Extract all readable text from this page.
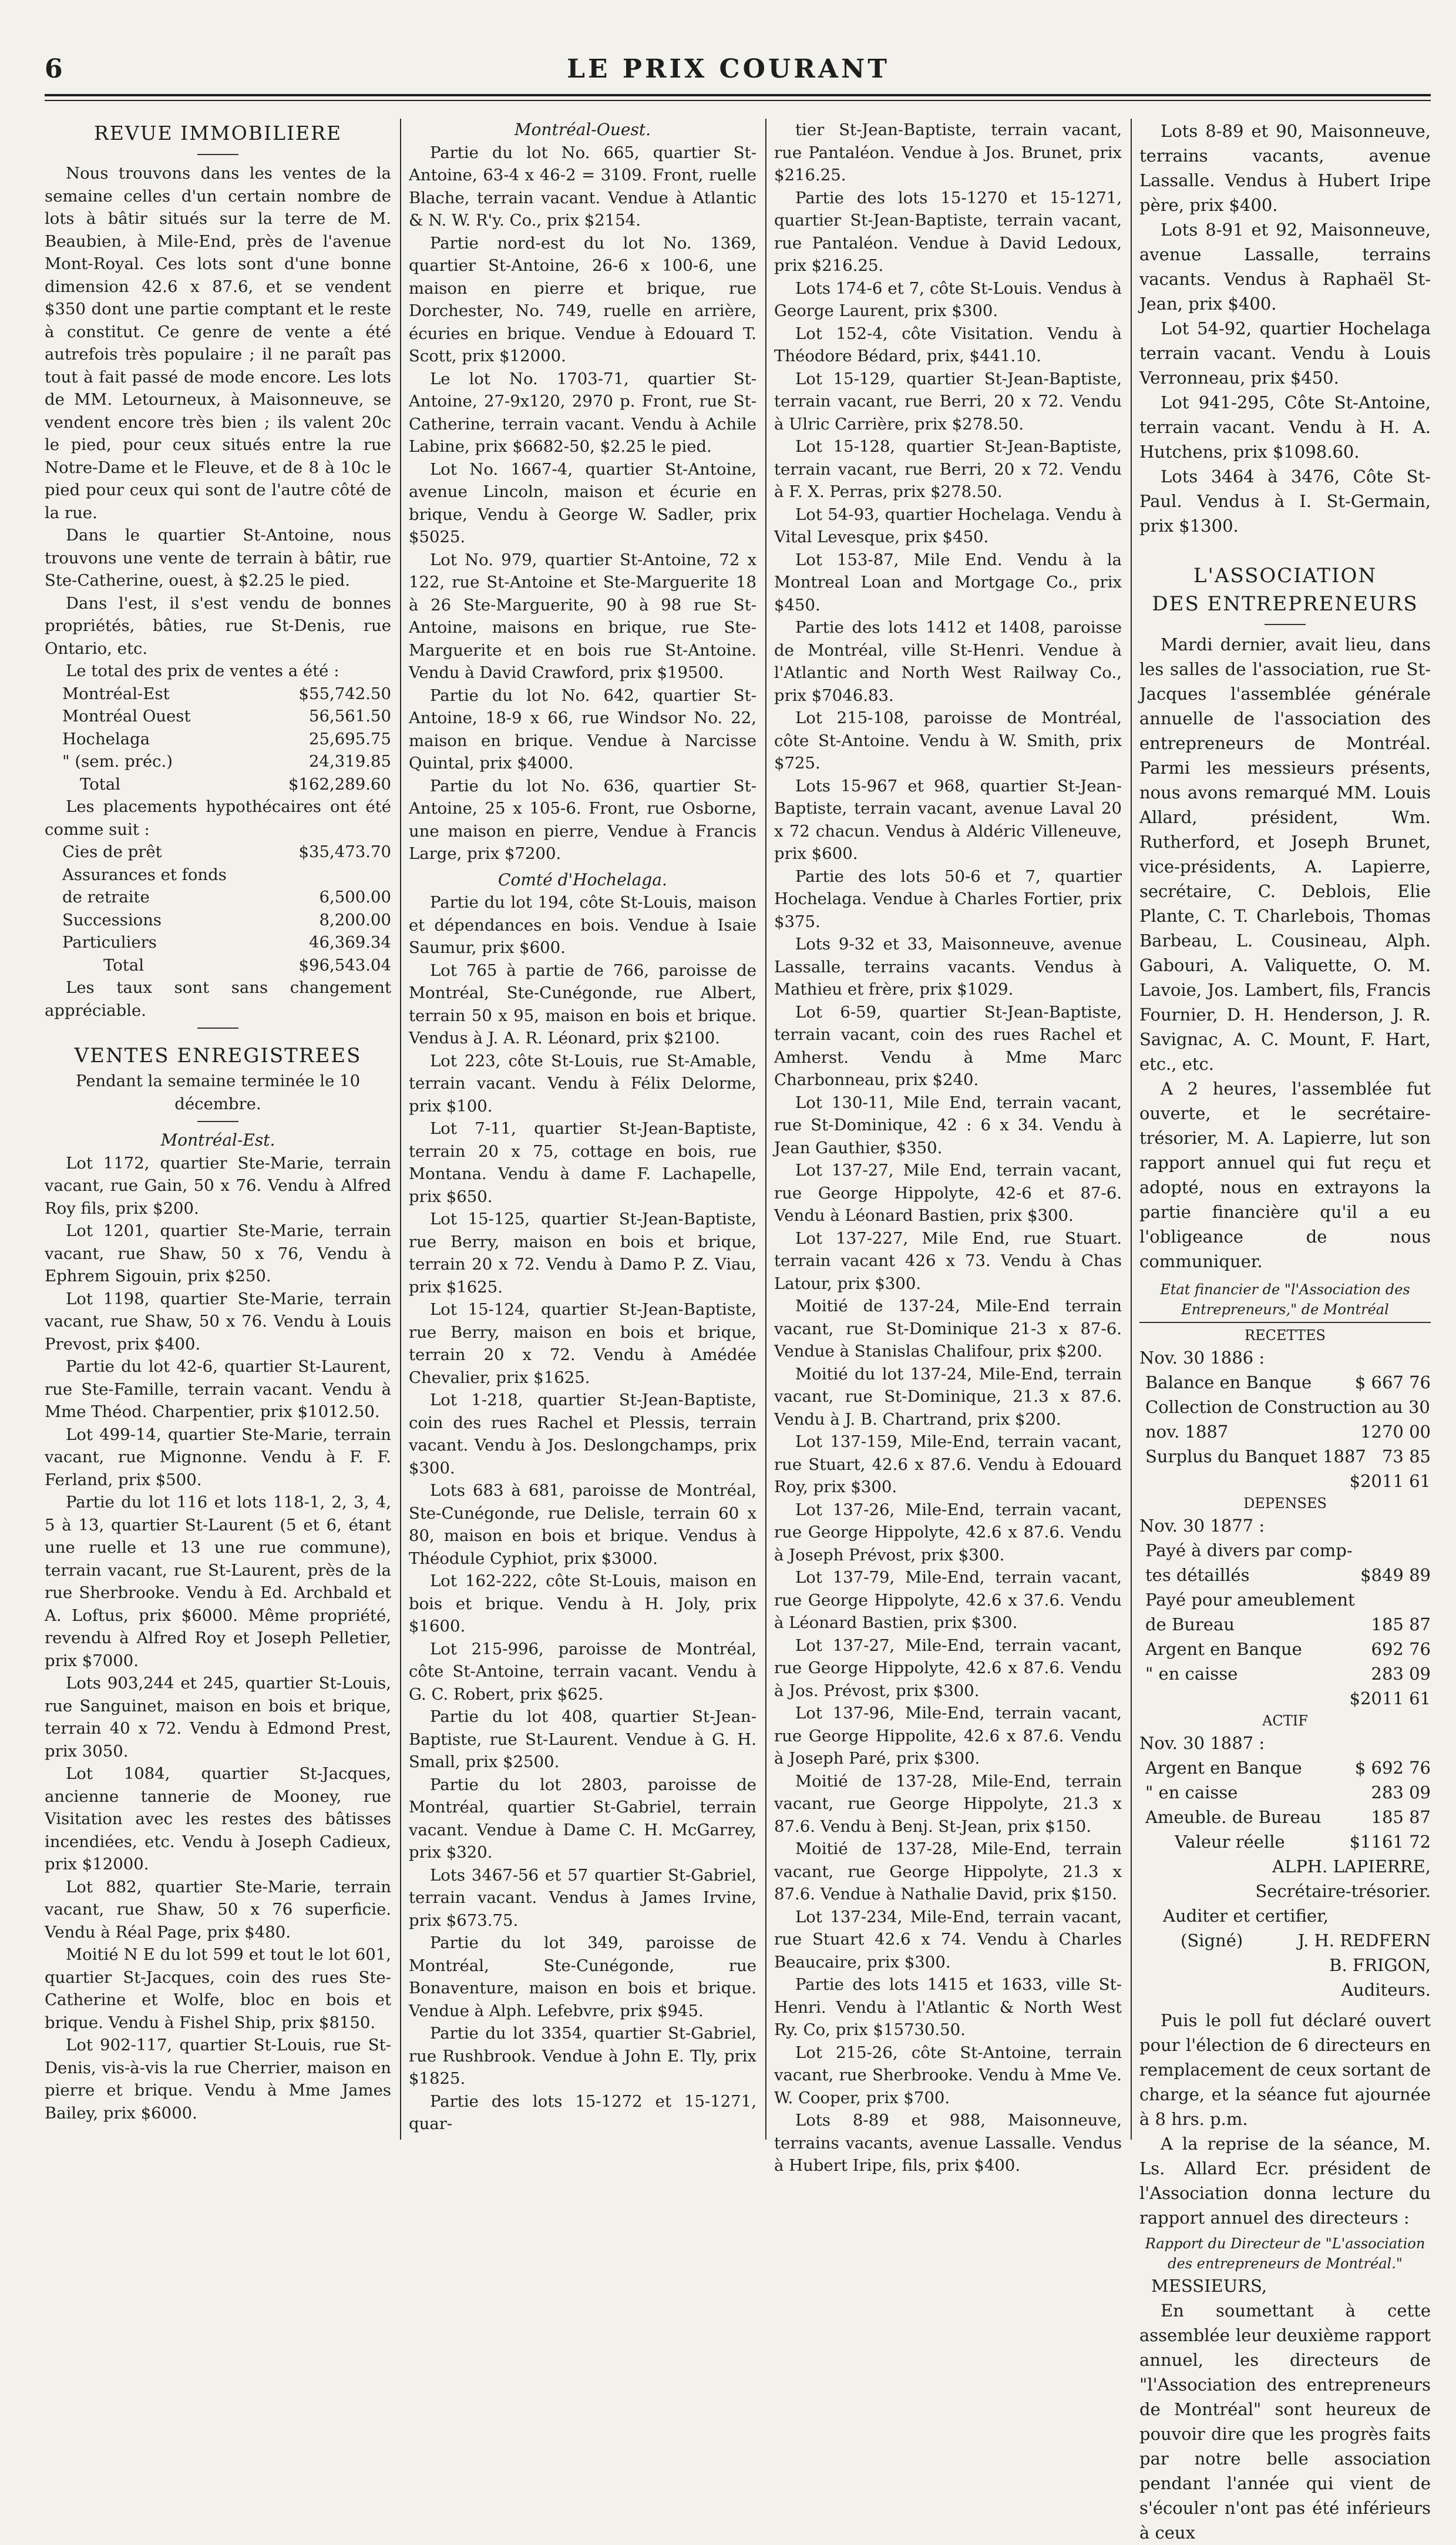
6	LE PRIX COURANT
REVUE IMMOBILIERE
Nous trouvons dans les ventes de la semaine celles d'un certain nombre de lots à bâtir situés sur la terre de M. Beaubien, à Mile-End, près de l'avenue Mont-Royal. Ces lots sont d'une bonne dimension 42.6 x 87.6, et se vendent $350 dont une partie comptant et le reste à constitut. Ce genre de vente a été autrefois très populaire ; il ne paraît pas tout à fait passé de mode encore. Les lots de MM. Letourneux, à Maisonneuve, se vendent encore très bien ; ils valent 20c le pied, pour ceux situés entre la rue Notre-Dame et le Fleuve, et de 8 à 10c le pied pour ceux qui sont de l'autre côté de la rue.
Dans le quartier St-Antoine, nous trouvons une vente de terrain à bâtir, rue Ste-Catherine, ouest, à $2.25 le pied.
Dans l'est, il s'est vendu de bonnes propriétés, bâties, rue St-Denis, rue Ontario, etc.
Le total des prix de ventes a été :
Montréal-Est	$55,742.50
Montréal Ouest	56,561.50
Hochelaga	25,695.75
" (sem. préc.)	24,319.85
Total	$162,289.60
Les placements hypothécaires ont été comme suit :
Cies de prêt	$35,473.70
Assurances et fonds
de retraite	6,500.00
Successions	8,200.00
Particuliers	46,369.34
Total	$96,543.04
Les taux sont sans changement appréciable.
VENTES ENREGISTREES
Pendant la semaine terminée le 10 décembre.
Montréal-Est.
Lot 1172, quartier Ste-Marie, terrain vacant, rue Gain, 50 x 76. Vendu à Alfred Roy fils, prix $200.
Lot 1201, quartier Ste-Marie, terrain vacant, rue Shaw, 50 x 76, Vendu à Ephrem Sigouin, prix $250.
Lot 1198, quartier Ste-Marie, terrain vacant, rue Shaw, 50 x 76. Vendu à Louis Prevost, prix $400.
Partie du lot 42-6, quartier St-Laurent, rue Ste-Famille, terrain vacant. Vendu à Mme Théod. Charpentier, prix $1012.50.
Lot 499-14, quartier Ste-Marie, terrain vacant, rue Mignonne. Vendu à F. F. Ferland, prix $500.
Partie du lot 116 et lots 118-1, 2, 3, 4, 5 à 13, quartier St-Laurent (5 et 6, étant une ruelle et 13 une rue commune), terrain vacant, rue St-Laurent, près de la rue Sherbrooke. Vendu à Ed. Archbald et A. Loftus, prix $6000. Même propriété, revendu à Alfred Roy et Joseph Pelletier, prix $7000.
Lots 903,244 et 245, quartier St-Louis, rue Sanguinet, maison en bois et brique, terrain 40 x 72. Vendu à Edmond Prest, prix 3050.
Lot 1084, quartier St-Jacques, ancienne tannerie de Mooney, rue Visitation avec les restes des bâtisses incendiées, etc. Vendu à Joseph Cadieux, prix $12000.
Lot 882, quartier Ste-Marie, terrain vacant, rue Shaw, 50 x 76 superficie. Vendu à Réal Page, prix $480.
Moitié N E du lot 599 et tout le lot 601, quartier St-Jacques, coin des rues Ste-Catherine et Wolfe, bloc en bois et brique. Vendu à Fishel Ship, prix $8150.
Lot 902-117, quartier St-Louis, rue St-Denis, vis-à-vis la rue Cherrier, maison en pierre et brique. Vendu à Mme James Bailey, prix $6000.
Montréal-Ouest.
Partie du lot No. 665, quartier St-Antoine, 63-4 x 46-2 = 3109. Front, ruelle Blache, terrain vacant. Vendue à Atlantic & N. W. R'y. Co., prix $2154.
Partie nord-est du lot No. 1369, quartier St-Antoine, 26-6 x 100-6, une maison en pierre et brique, rue Dorchester, No. 749, ruelle en arrière, écuries en brique. Vendue à Edouard T. Scott, prix $12000.
Le lot No. 1703-71, quartier St-Antoine, 27-9x120, 2970 p. Front, rue St-Catherine, terrain vacant. Vendu à Achile Labine, prix $6682-50, $2.25 le pied.
Lot No. 1667-4, quartier St-Antoine, avenue Lincoln, maison et écurie en brique, Vendu à George W. Sadler, prix $5025.
Lot No. 979, quartier St-Antoine, 72 x 122, rue St-Antoine et Ste-Marguerite 18 à 26 Ste-Marguerite, 90 à 98 rue St-Antoine, maisons en brique, rue Ste-Marguerite et en bois rue St-Antoine. Vendu à David Crawford, prix $19500.
Partie du lot No. 642, quartier St-Antoine, 18-9 x 66, rue Windsor No. 22, maison en brique. Vendue à Narcisse Quintal, prix $4000.
Partie du lot No. 636, quartier St-Antoine, 25 x 105-6. Front, rue Osborne, une maison en pierre, Vendue à Francis Large, prix $7200.
Comté d'Hochelaga.
Partie du lot 194, côte St-Louis, maison et dépendances en bois. Vendue à Isaie Saumur, prix $600.
Lot 765 à partie de 766, paroisse de Montréal, Ste-Cunégonde, rue Albert, terrain 50 x 95, maison en bois et brique. Vendus à J. A. R. Léonard, prix $2100.
Lot 223, côte St-Louis, rue St-Amable, terrain vacant. Vendu à Félix Delorme, prix $100.
Lot 7-11, quartier St-Jean-Baptiste, terrain 20 x 75, cottage en bois, rue Montana. Vendu à dame F. Lachapelle, prix $650.
Lot 15-125, quartier St-Jean-Baptiste, rue Berry, maison en bois et brique, terrain 20 x 72. Vendu à Damo P. Z. Viau, prix $1625.
Lot 15-124, quartier St-Jean-Baptiste, rue Berry, maison en bois et brique, terrain 20 x 72. Vendu à Amédée Chevalier, prix $1625.
Lot 1-218, quartier St-Jean-Baptiste, coin des rues Rachel et Plessis, terrain vacant. Vendu à Jos. Deslongchamps, prix $300.
Lots 683 à 681, paroisse de Montréal, Ste-Cunégonde, rue Delisle, terrain 60 x 80, maison en bois et brique. Vendus à Théodule Cyphiot, prix $3000.
Lot 162-222, côte St-Louis, maison en bois et brique. Vendu à H. Joly, prix $1600.
Lot 215-996, paroisse de Montréal, côte St-Antoine, terrain vacant. Vendu à G. C. Robert, prix $625.
Partie du lot 408, quartier St-Jean-Baptiste, rue St-Laurent. Vendue à G. H. Small, prix $2500.
Partie du lot 2803, paroisse de Montréal, quartier St-Gabriel, terrain vacant. Vendue à Dame C. H. McGarrey, prix $320.
Lots 3467-56 et 57 quartier St-Gabriel, terrain vacant. Vendus à James Irvine, prix $673.75.
Partie du lot 349, paroisse de Montréal, Ste-Cunégonde, rue Bonaventure, maison en bois et brique. Vendue à Alph. Lefebvre, prix $945.
Partie du lot 3354, quartier St-Gabriel, rue Rushbrook. Vendue à John E. Tly, prix $1825.
Partie des lots 15-1272 et 15-1271, quar-
tier St-Jean-Baptiste, terrain vacant, rue Pantaléon. Vendue à Jos. Brunet, prix $216.25.
Partie des lots 15-1270 et 15-1271, quartier St-Jean-Baptiste, terrain vacant, rue Pantaléon. Vendue à David Ledoux, prix $216.25.
Lots 174-6 et 7, côte St-Louis. Vendus à George Laurent, prix $300.
Lot 152-4, côte Visitation. Vendu à Théodore Bédard, prix, $441.10.
Lot 15-129, quartier St-Jean-Baptiste, terrain vacant, rue Berri, 20 x 72. Vendu à Ulric Carrière, prix $278.50.
Lot 15-128, quartier St-Jean-Baptiste, terrain vacant, rue Berri, 20 x 72. Vendu à F. X. Perras, prix $278.50.
Lot 54-93, quartier Hochelaga. Vendu à Vital Levesque, prix $450.
Lot 153-87, Mile End. Vendu à la Montreal Loan and Mortgage Co., prix $450.
Partie des lots 1412 et 1408, paroisse de Montréal, ville St-Henri. Vendue à l'Atlantic and North West Railway Co., prix $7046.83.
Lot 215-108, paroisse de Montréal, côte St-Antoine. Vendu à W. Smith, prix $725.
Lots 15-967 et 968, quartier St-Jean-Baptiste, terrain vacant, avenue Laval 20 x 72 chacun. Vendus à Aldéric Villeneuve, prix $600.
Partie des lots 50-6 et 7, quartier Hochelaga. Vendue à Charles Fortier, prix $375.
Lots 9-32 et 33, Maisonneuve, avenue Lassalle, terrains vacants. Vendus à Mathieu et frère, prix $1029.
Lot 6-59, quartier St-Jean-Baptiste, terrain vacant, coin des rues Rachel et Amherst. Vendu à Mme Marc Charbonneau, prix $240.
Lot 130-11, Mile End, terrain vacant, rue St-Dominique, 42 : 6 x 34. Vendu à Jean Gauthier, $350.
Lot 137-27, Mile End, terrain vacant, rue George Hippolyte, 42-6 et 87-6. Vendu à Léonard Bastien, prix $300.
Lot 137-227, Mile End, rue Stuart. terrain vacant 426 x 73. Vendu à Chas Latour, prix $300.
Moitié de 137-24, Mile-End terrain vacant, rue St-Dominique 21-3 x 87-6. Vendue à Stanislas Chalifour, prix $200.
Moitié du lot 137-24, Mile-End, terrain vacant, rue St-Dominique, 21.3 x 87.6. Vendu à J. B. Chartrand, prix $200.
Lot 137-159, Mile-End, terrain vacant, rue Stuart, 42.6 x 87.6. Vendu à Edouard Roy, prix $300.
Lot 137-26, Mile-End, terrain vacant, rue George Hippolyte, 42.6 x 87.6. Vendu à Joseph Prévost, prix $300.
Lot 137-79, Mile-End, terrain vacant, rue George Hippolyte, 42.6 x 37.6. Vendu à Léonard Bastien, prix $300.
Lot 137-27, Mile-End, terrain vacant, rue George Hippolyte, 42.6 x 87.6. Vendu à Jos. Prévost, prix $300.
Lot 137-96, Mile-End, terrain vacant, rue George Hippolite, 42.6 x 87.6. Vendu à Joseph Paré, prix $300.
Moitié de 137-28, Mile-End, terrain vacant, rue George Hippolyte, 21.3 x 87.6. Vendu à Benj. St-Jean, prix $150.
Moitié de 137-28, Mile-End, terrain vacant, rue George Hippolyte, 21.3 x 87.6. Vendue à Nathalie David, prix $150.
Lot 137-234, Mile-End, terrain vacant, rue Stuart 42.6 x 74. Vendu à Charles Beaucaire, prix $300.
Partie des lots 1415 et 1633, ville St-Henri. Vendu à l'Atlantic & North West Ry. Co, prix $15730.50.
Lot 215-26, côte St-Antoine, terrain vacant, rue Sherbrooke. Vendu à Mme Ve. W. Cooper, prix $700.
Lots 8-89 et 988, Maisonneuve, terrains vacants, avenue Lassalle. Vendus à Hubert Iripe, fils, prix $400.
Lots 8-89 et 90, Maisonneuve, terrains vacants, avenue Lassalle. Vendus à Hubert Iripe père, prix $400.
Lots 8-91 et 92, Maisonneuve, avenue Lassalle, terrains vacants. Vendus à Raphaël St-Jean, prix $400.
Lot 54-92, quartier Hochelaga terrain vacant. Vendu à Louis Verronneau, prix $450.
Lot 941-295, Côte St-Antoine, terrain vacant. Vendu à H. A. Hutchens, prix $1098.60.
Lots 3464 à 3476, Côte St-Paul. Vendus à I. St-Germain, prix $1300.
L'ASSOCIATION
DES ENTREPRENEURS
Mardi dernier, avait lieu, dans les salles de l'association, rue St-Jacques l'assemblée générale annuelle de l'association des entrepreneurs de Montréal. Parmi les messieurs présents, nous avons remarqué MM. Louis Allard, président, Wm. Rutherford, et Joseph Brunet, vice-présidents, A. Lapierre, secrétaire, C. Deblois, Elie Plante, C. T. Charlebois, Thomas Barbeau, L. Cousineau, Alph. Gabouri, A. Valiquette, O. M. Lavoie, Jos. Lambert, fils, Francis Fournier, D. H. Henderson, J. R. Savignac, A. C. Mount, F. Hart, etc., etc.
A 2 heures, l'assemblée fut ouverte, et le secrétaire-trésorier, M. A. Lapierre, lut son rapport annuel qui fut reçu et adopté, nous en extrayons la partie financière qu'il a eu l'obligeance de nous communiquer.
Etat financier de "l'Association des Entrepreneurs," de Montréal
RECETTES
Nov. 30 1886 :
Balance en Banque	$ 667 76
Collection de Construction au 30
nov. 1887	1270 00
Surplus du Banquet 1887 73 85
$2011 61
DEPENSES
Nov. 30 1877 :
Payé à divers par comp-
tes détaillés	$849 89
Payé pour ameublement
de Bureau	185 87
Argent en Banque	692 76
" en caisse	283 09
$2011 61
ACTIF
Nov. 30 1887 :
Argent en Banque	$ 692 76
" en caisse	283 09
Ameuble. de Bureau	185 87
Valeur réelle	$1161 72
ALPH. LAPIERRE,
Secrétaire-trésorier.
Auditer et certifier,
(Signé)	J. H. REDFERN
B. FRIGON,
Auditeurs.
Puis le poll fut déclaré ouvert pour l'élection de 6 directeurs en remplacement de ceux sortant de charge, et la séance fut ajournée à 8 hrs. p.m.
A la reprise de la séance, M. Ls. Allard Ecr. président de l'Association donna lecture du rapport annuel des directeurs :
Rapport du Directeur de "L'association des entrepreneurs de Montréal."
MESSIEURS,
En soumettant à cette assemblée leur deuxième rapport annuel, les directeurs de "l'Association des entrepreneurs de Montréal" sont heureux de pouvoir dire que les progrès faits par notre belle association pendant l'année qui vient de s'écouler n'ont pas été inférieurs à ceux
